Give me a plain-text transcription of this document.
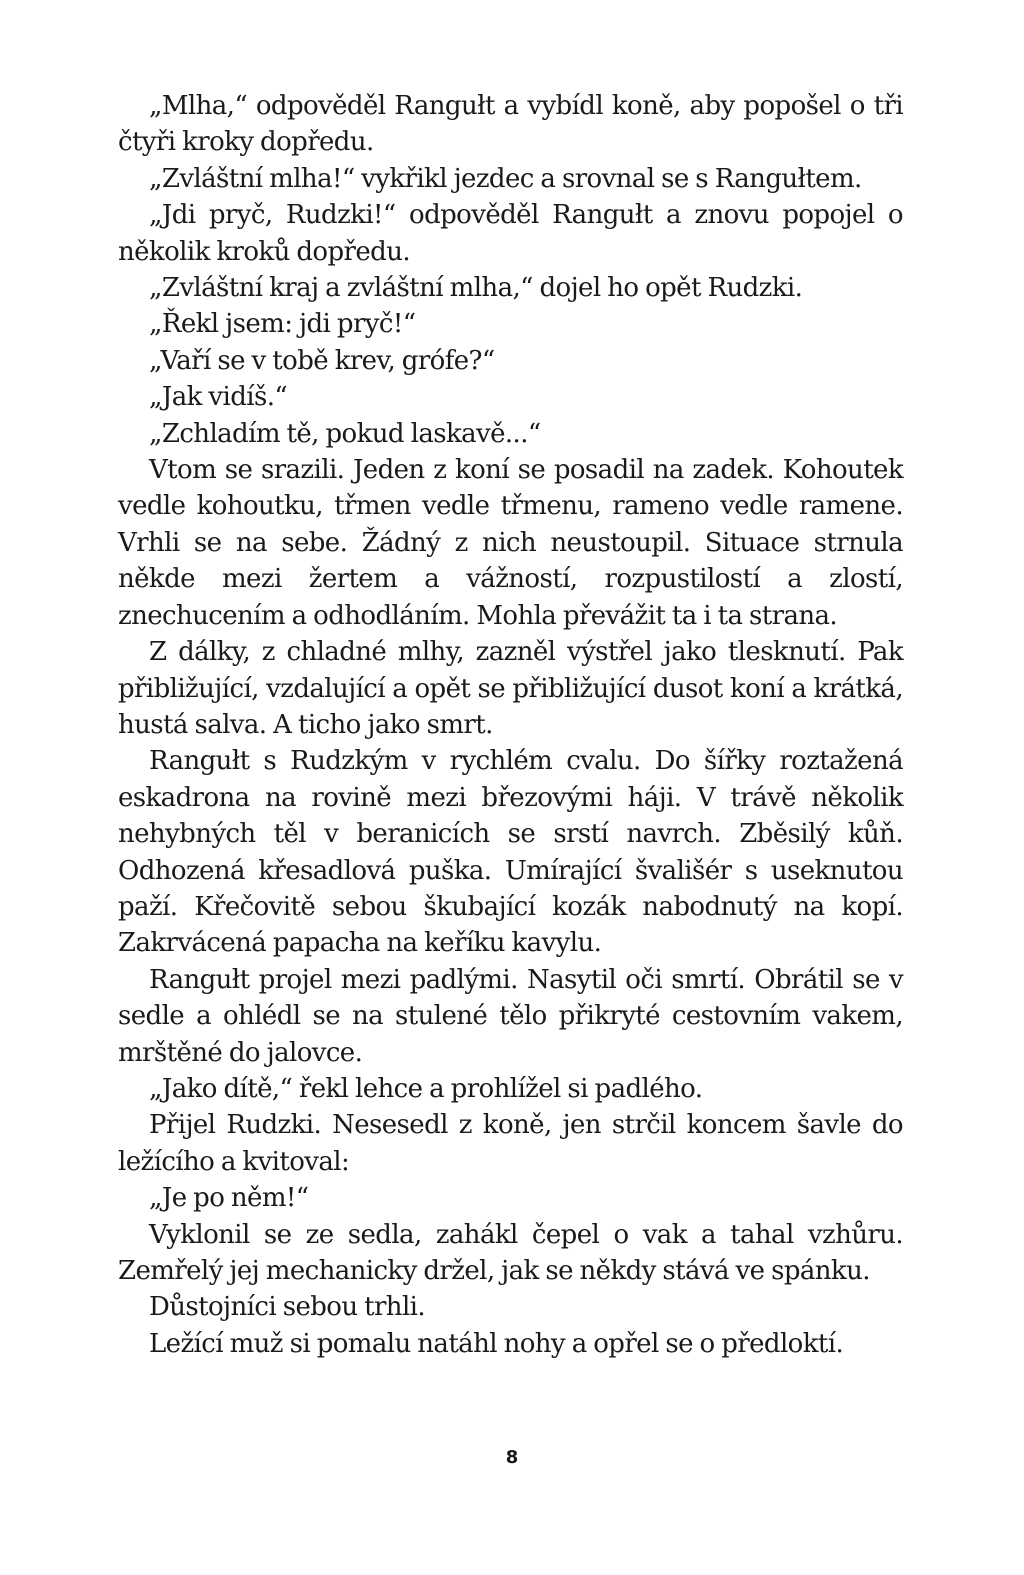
„Mlha,“ odpověděl Rangułt a vybídl koně, aby popošel o tři čtyři kroky dopředu.

„Zvláštní mlha!“ vykřikl jezdec a srovnal se s Rangułtem.

„Jdi pryč, Rudzki!“ odpověděl Rangułt a znovu popojel o několik kroků dopředu.

„Zvláštní kraj a zvláštní mlha,“ dojel ho opět Rudzki.

„Řekl jsem: jdi pryč!“

„Vaří se v tobě krev, grófe?“

„Jak vidíš.“

„Zchladím tě, pokud laskavě...“

Vtom se srazili. Jeden z koní se posadil na zadek. Kohoutek vedle kohoutku, třmen vedle třmenu, rameno vedle ramene. Vrhli se na sebe. Žádný z nich neustoupil. Situace strnula někde mezi žertem a vážností, rozpustilostí a zlostí, znechucením a odhodláním. Mohla převážit ta i ta strana.

Z dálky, z chladné mlhy, zazněl výstřel jako tlesknutí. Pak přibližující, vzdalující a opět se přibližující dusot koní a krátká, hustá salva. A ticho jako smrt.

Rangułt s Rudzkým v rychlém cvalu. Do šířky roztažená eskadrona na rovině mezi březovými háji. V trávě několik nehybných těl v beranicích se srstí navrch. Zběsilý kůň. Odhozená křesadlová puška. Umírající švališér s useknutou paží. Křečovitě sebou škubající kozák nabodnutý na kopí. Zakrvácená papacha na keříku kavylu.

Rangułt projel mezi padlými. Nasytil oči smrtí. Obrátil se v sedle a ohlédl se na stulené tělo přikryté cestovním vakem, mrštěné do jalovce.

„Jako dítě,“ řekl lehce a prohlížel si padlého.

Přijel Rudzki. Nesesedl z koně, jen strčil koncem šavle do ležícího a kvitoval:

„Je po něm!“

Vyklonil se ze sedla, zahákl čepel o vak a tahal vzhůru. Zemřelý jej mechanicky držel, jak se někdy stává ve spánku.

Důstojníci sebou trhli.

Ležící muž si pomalu natáhl nohy a opřel se o předloktí.

8
